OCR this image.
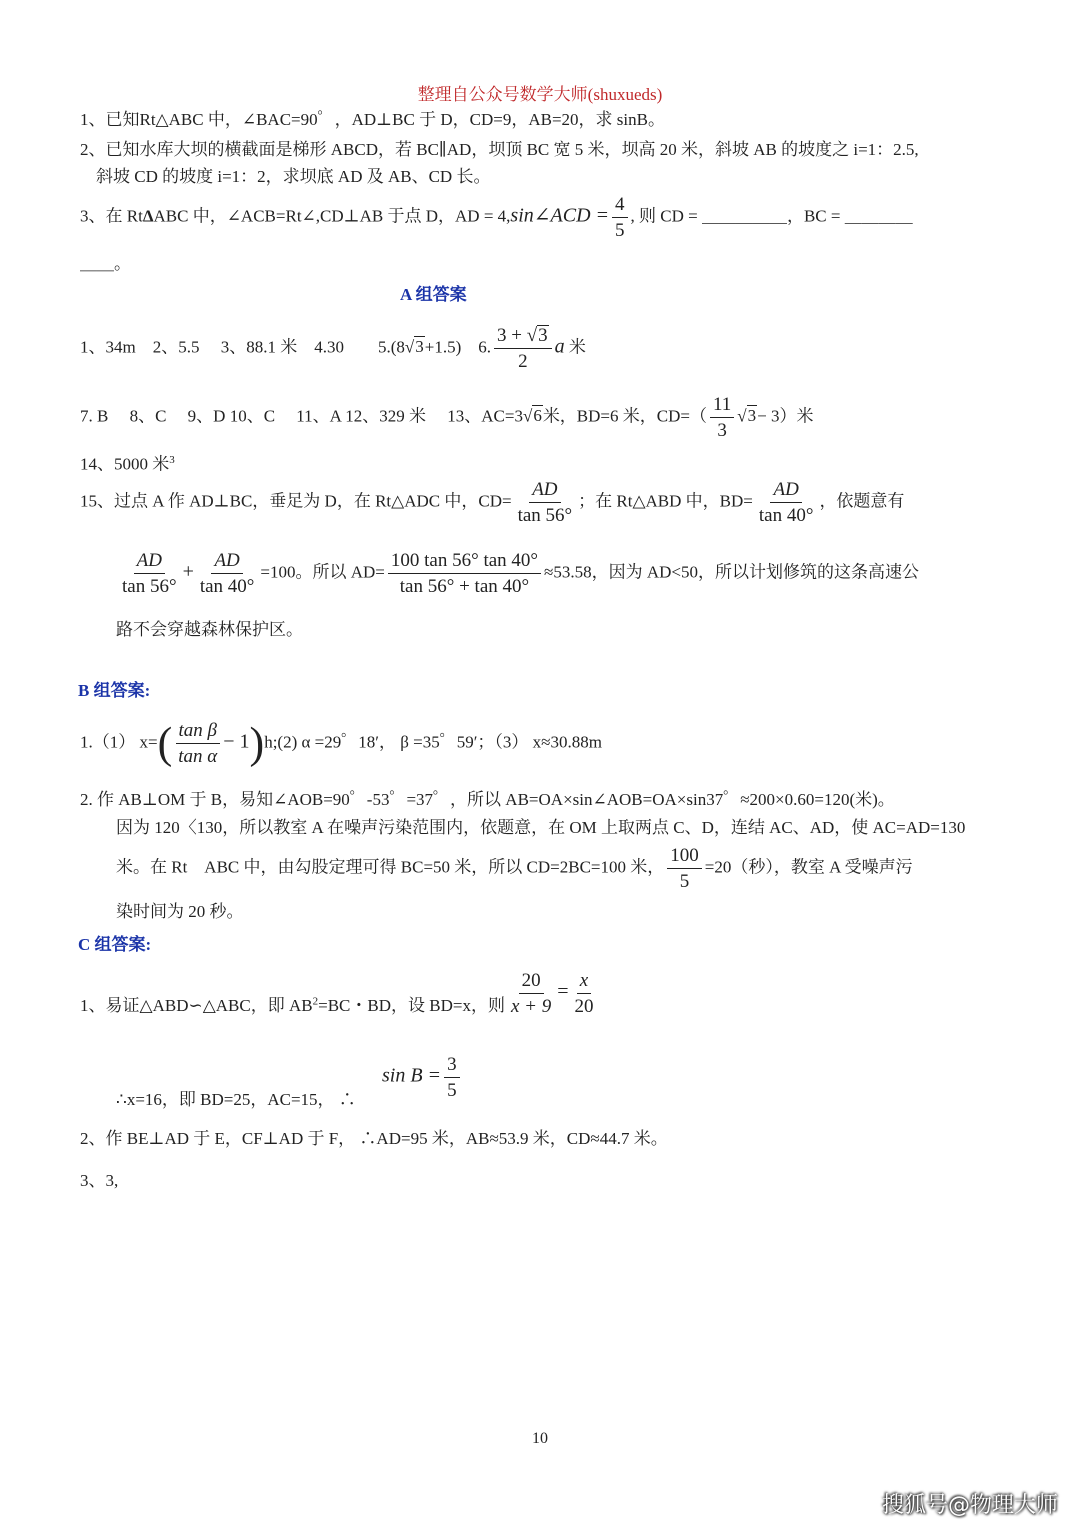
整理自公众号数学大师(shuxueds)
1、已知Rt△ABC 中，∠BAC=90゜，AD⊥BC 于 D，CD=9，AB=20，求 sinB。
2、已知水库大坝的横截面是梯形 ABCD，若 BC∥AD，坝顶 BC 宽 5 米，坝高 20 米，斜坡 AB 的坡度之 i=1：2.5,
斜坡 CD 的坡度 i=1：2，求坝底 AD 及 AB、CD 长。
3、在 RtΔABC 中，∠ACB=Rt∠,CD⊥AB 于点 D，AD = 4,sin∠ACD = $\frac{4}{5}$ , 则 CD = ＿＿＿＿＿，BC = ＿＿＿＿
＿＿。
A 组答案
1、34m　2、5.5　 3、88.1 米　4.30　　5.(8√3+1.5)　6. $\frac{3 + √3}{2}$ a 米
7. B　 8、C　 9、D 10、C　 11、A 12、329 米　 13、AC=3√6米，BD=6 米，$CD=( \frac{11}{3} √3- 3)$米
14、5000 米$^3$
15、过点 A 作 AD⊥BC，垂足为 D，在 Rt△ADC 中，$CD= \frac{AD}{\tan 56^\circ}$ ；在 Rt△ABD 中，$BD= \frac{AD}{\tan 40^\circ}$ ，依题意有
$\frac{AD}{\tan 56^\circ} + \frac{AD}{\tan 40^\circ} =100$。所以 $AD= \frac{100 \tan 56^\circ \tan 40^\circ}{\tan 56^\circ + \tan 40^\circ} \approx 53.58$，因为 AD<50，所以计划修筑的这条高速公
路不会穿越森林保护区。
B 组答案:
1.（1） $x=( \frac{\text{tan β}}{\text{tan α}}$ − 1)h;(2) α =29゜18′， β =35゜59′；（3） x≈30.88m
2. 作 AB⊥OM 于 B，易知∠AOB=90゜-53゜=37゜，所以 AB=OA×sin∠AOB=OA×sin37゜≈200×0.60=120(米)。
因为 120〈130，所以教室 A 在噪声污染范围内，依题意，在 OM 上取两点 C、D，连结 AC、AD，使 AC=AD=130
米。在 Rt　ABC 中，由勾股定理可得 BC=50 米，所以 CD=2BC=100 米， $\frac{100}{5} =20$（秒），教室 A 受噪声污
染时间为 20 秒。
C 组答案:
1、易证△ABD∽△ABC，即 $AB^2=BC$・BD，设 BD=x，则 $\frac{20}{x + 9} = \frac{x}{20}$
∴x=16，即 BD=25，AC=15， ∴
$\sin B = \frac{3}{5}$
2、作 BE⊥AD 于 E，CF⊥AD 于 F， ∴AD=95 米，AB≈53.9 米，CD≈44.7 米。
3、3,
10
搜狐号@物理大师
